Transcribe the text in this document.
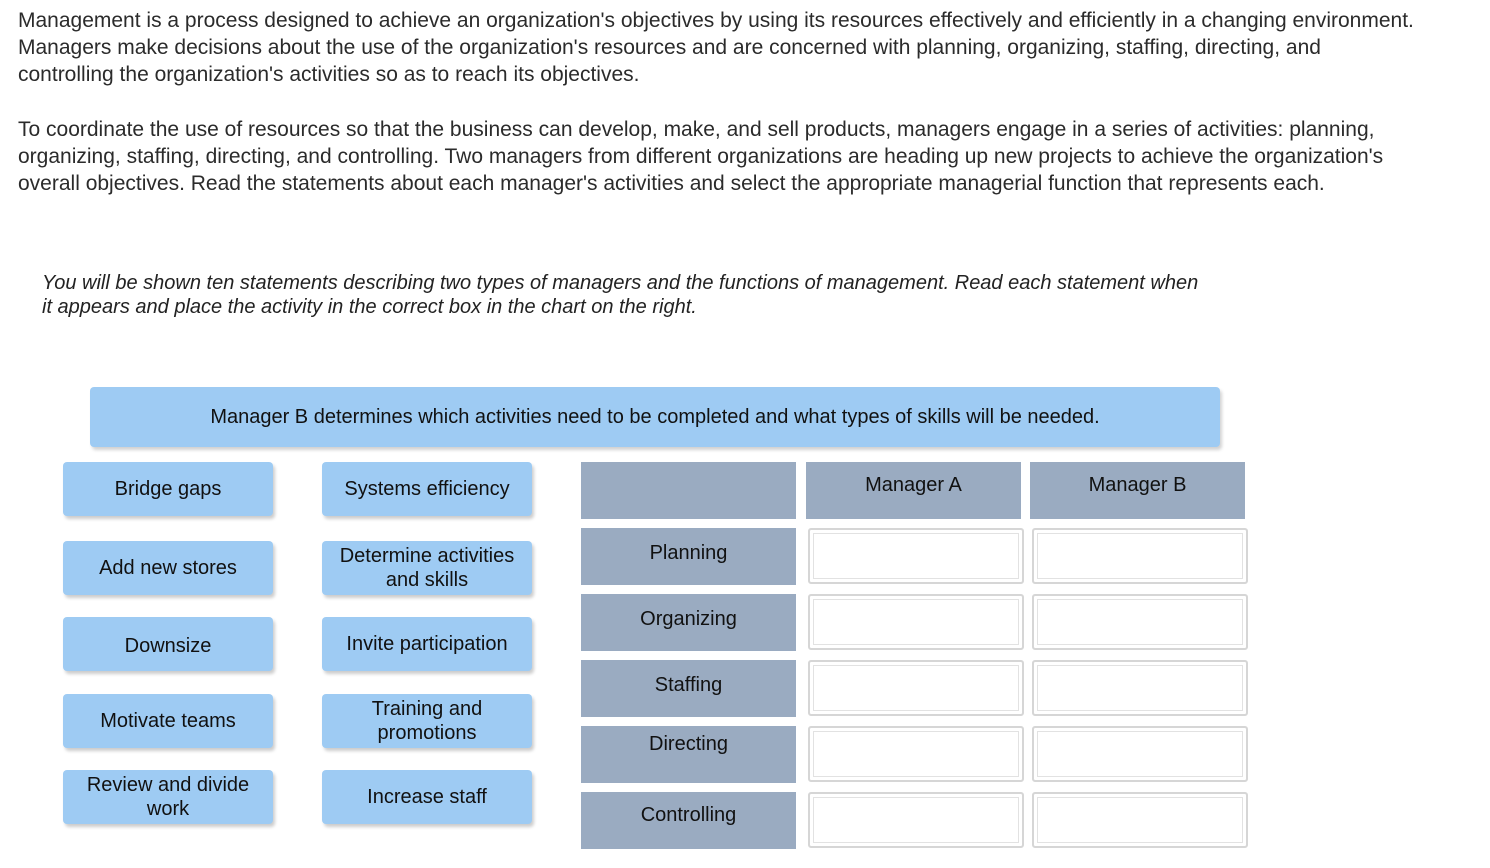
Management is a process designed to achieve an organization's objectives by using its resources effectively and efficiently in a changing environment. Managers make decisions about the use of the organization's resources and are concerned with planning, organizing, staffing, directing, and controlling the organization's activities so as to reach its objectives.

To coordinate the use of resources so that the business can develop, make, and sell products, managers engage in a series of activities: planning, organizing, staffing, directing, and controlling. Two managers from different organizations are heading up new projects to achieve the organization's overall objectives. Read the statements about each manager's activities and select the appropriate managerial function that represents each.

You will be shown ten statements describing two types of managers and the functions of management. Read each statement when it appears and place the activity in the correct box in the chart on the right.

Manager B determines which activities need to be completed and what types of skills will be needed.
Bridge gaps
Add new stores
Downsize
Motivate teams
Review and divide work
Systems efficiency
Determine activities and skills
Invite participation
Training and promotions
Increase staff
Manager A	Manager B
Planning
Organizing
Staffing
Directing
Controlling
